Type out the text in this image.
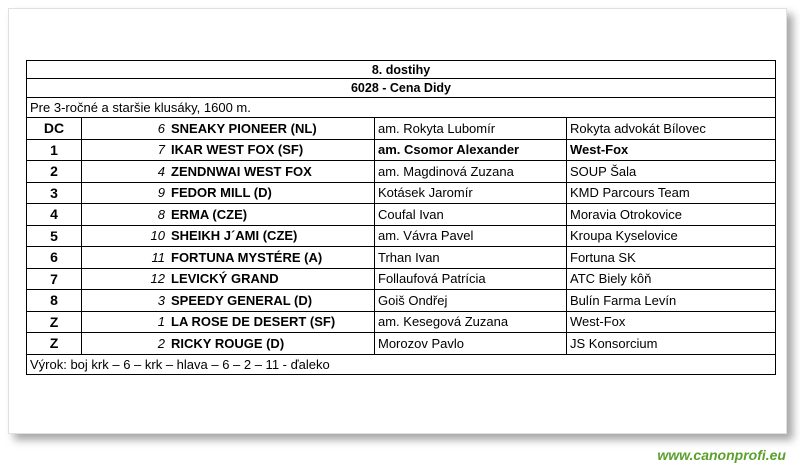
8. dostihy				
6028 - Cena Didy				
Pre 3-ročné a staršie klusáky, 1600 m.				
DC	6	SNEAKY PIONEER (NL)	am. Rokyta Lubomír	Rokyta advokát Bílovec
1	7	IKAR WEST FOX (SF)	am. Csomor Alexander	West-Fox
2	4	ZENDNWAI WEST FOX	am. Magdinová Zuzana	SOUP Šala
3	9	FEDOR MILL (D)	Kotásek Jaromír	KMD Parcours Team
4	8	ERMA (CZE)	Coufal Ivan	Moravia Otrokovice
5	10	SHEIKH J´AMI (CZE)	am. Vávra Pavel	Kroupa Kyselovice
6	11	FORTUNA MYSTÉRE (A)	Trhan Ivan	Fortuna SK
7	12	LEVICKÝ GRAND	Follaufová Patrícia	ATC Biely kôň
8	3	SPEEDY GENERAL (D)	Goiš Ondřej	Bulín Farma Levín
Z	1	LA ROSE DE DESERT (SF)	am. Kesegová Zuzana	West-Fox
Z	2	RICKY ROUGE (D)	Morozov Pavlo	JS Konsorcium
Výrok: boj krk – 6 – krk – hlava – 6 – 2 – 11 - ďaleko				
www.canonprofi.eu
